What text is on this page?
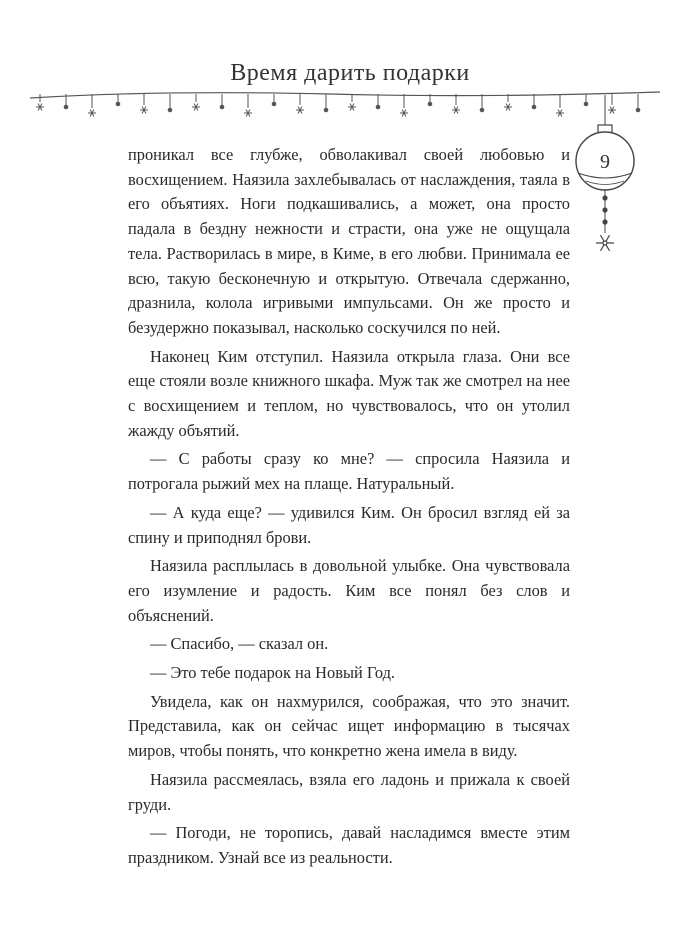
Время дарить подарки
9

проникал все глубже, обволакивал своей любовью и восхищением. Наязила захлебывалась от наслаждения, таяла в его объятиях. Ноги подкашивались, а может, она просто падала в бездну нежности и страсти, она уже не ощущала тела. Растворилась в мире, в Киме, в его любви. Принимала ее всю, такую бесконечную и открытую. Отвечала сдержанно, дразнила, колола игривыми импульсами. Он же просто и безудержно показывал, насколько соскучился по ней.

Наконец Ким отступил. Наязила открыла глаза. Они все еще стояли возле книжного шкафа. Муж так же смотрел на нее с восхищением и теплом, но чувствовалось, что он утолил жажду объятий.

— С работы сразу ко мне? — спросила Наязила и потрогала рыжий мех на плаще. Натуральный.

— А куда еще? — удивился Ким. Он бросил взгляд ей за спину и приподнял брови.

Наязила расплылась в довольной улыбке. Она чувствовала его изумление и радость. Ким все понял без слов и объяснений.

— Спасибо, — сказал он.

— Это тебе подарок на Новый Год.

Увидела, как он нахмурился, соображая, что это значит. Представила, как он сейчас ищет информацию в тысячах миров, чтобы понять, что конкретно жена имела в виду.

Наязила рассмеялась, взяла его ладонь и прижала к своей груди.

— Погоди, не торопись, давай насладимся вместе этим праздником. Узнай все из реальности.
